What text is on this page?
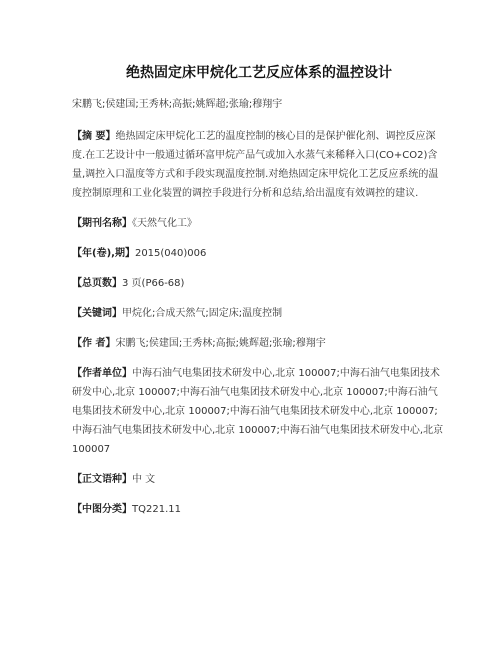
绝热固定床甲烷化工艺反应体系的温控设计
宋鹏飞;侯建国;王秀林;高振;姚辉超;张瑜;穆翔宇
【摘 要】绝热固定床甲烷化工艺的温度控制的核心目的是保护催化剂、调控反应深度.在工艺设计中一般通过循环富甲烷产品气或加入水蒸气来稀释入口(CO+CO2)含量,调控入口温度等方式和手段实现温度控制.对绝热固定床甲烷化工艺反应系统的温度控制原理和工业化装置的调控手段进行分析和总结,给出温度有效调控的建议.
【期刊名称】《天然气化工》
【年(卷),期】2015(040)006
【总页数】3 页(P66-68)
【关键词】甲烷化;合成天然气;固定床;温度控制
【作 者】宋鹏飞;侯建国;王秀林;高振;姚辉超;张瑜;穆翔宇
【作者单位】中海石油气电集团技术研发中心,北京 100007;中海石油气电集团技术研发中心,北京 100007;中海石油气电集团技术研发中心,北京 100007;中海石油气电集团技术研发中心,北京 100007;中海石油气电集团技术研发中心,北京 100007;中海石油气电集团技术研发中心,北京 100007;中海石油气电集团技术研发中心,北京 100007
【正文语种】中 文
【中图分类】TQ221.11
